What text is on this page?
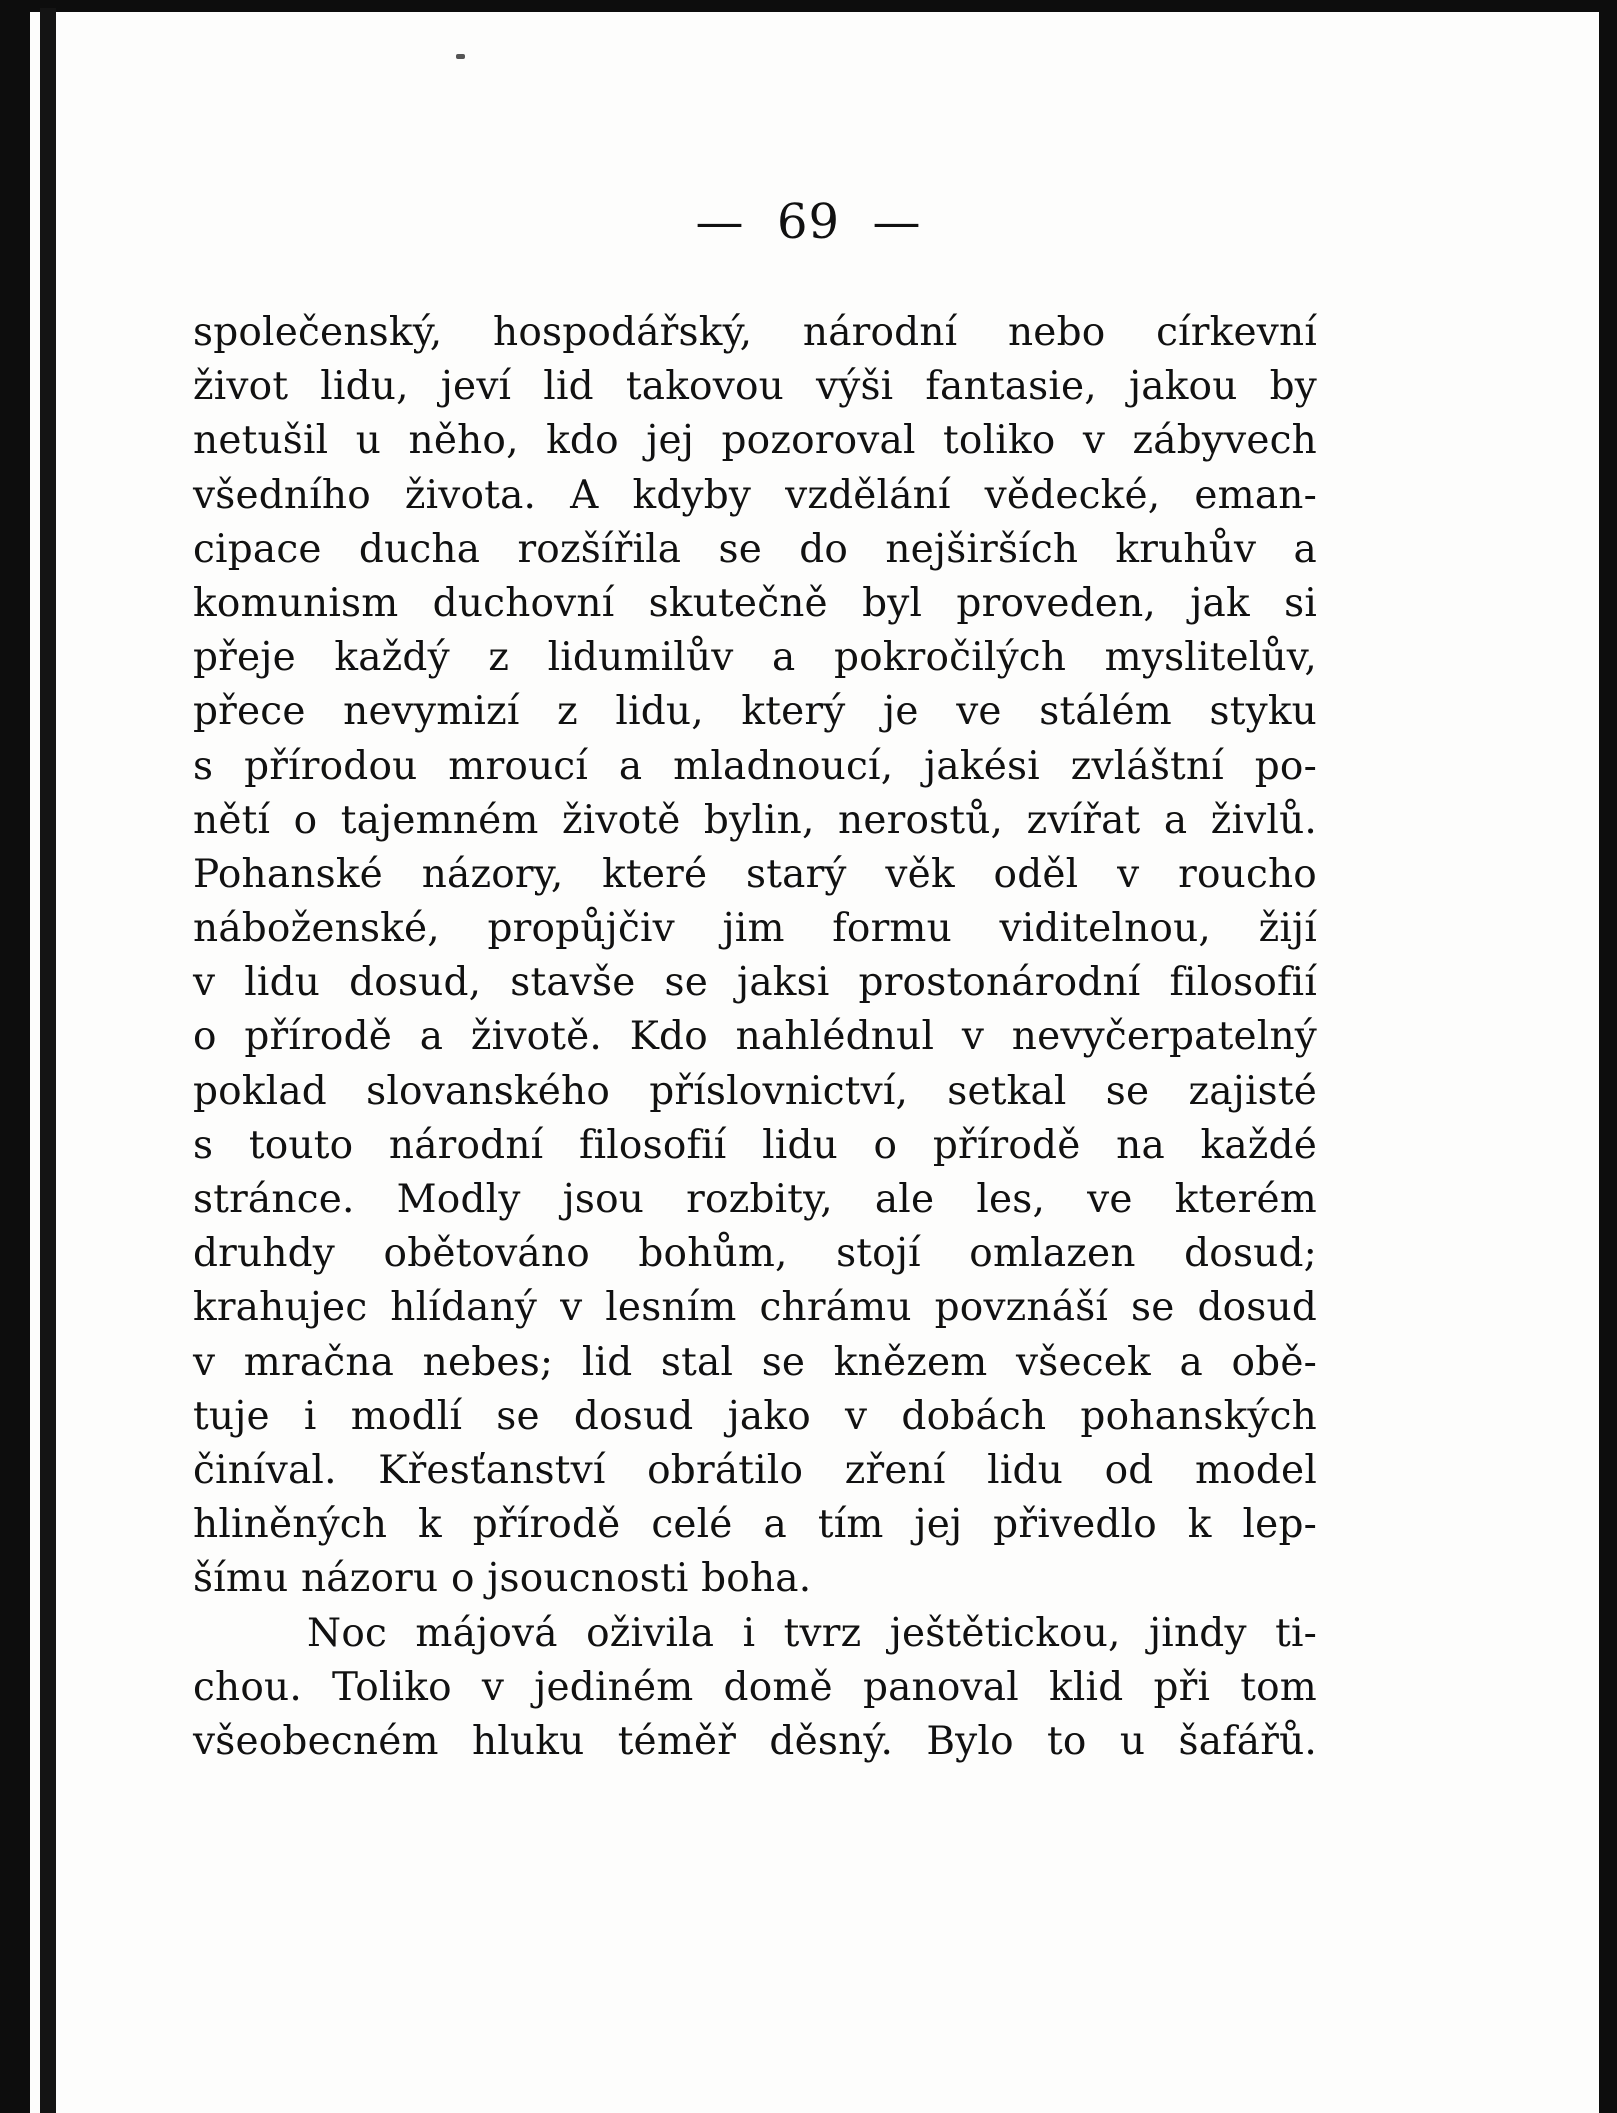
—  69  —
společenský, hospodářský, národní nebo církevní
život lidu, jeví lid takovou výši fantasie, jakou by
netušil u něho, kdo jej pozoroval toliko v zábyvech
všedního života. A kdyby vzdělání vědecké, eman-
cipace ducha rozšířila se do nejširších kruhův a
komunism duchovní skutečně byl proveden, jak si
přeje každý z lidumilův a pokročilých myslitelův,
přece nevymizí z lidu, který je ve stálém styku
s přírodou mroucí a mladnoucí, jakési zvláštní po-
nětí o tajemném životě bylin, nerostů, zvířat a živlů.
Pohanské názory, které starý věk oděl v roucho
náboženské, propůjčiv jim formu viditelnou, žijí
v lidu dosud, stavše se jaksi prostonárodní filosofií
o přírodě a životě. Kdo nahlédnul v nevyčerpatelný
poklad slovanského příslovnictví, setkal se zajisté
s touto národní filosofií lidu o přírodě na každé
stránce. Modly jsou rozbity, ale les, ve kterém
druhdy obětováno bohům, stojí omlazen dosud;
krahujec hlídaný v lesním chrámu povznáší se dosud
v mračna nebes; lid stal se knězem všecek a obě-
tuje i modlí se dosud jako v dobách pohanských
činíval. Křesťanství obrátilo zření lidu od model
hliněných k přírodě celé a tím jej přivedlo k lep-
šímu názoru o jsoucnosti boha.
Noc májová oživila i tvrz ještětickou, jindy ti-
chou. Toliko v jediném domě panoval klid při tom
všeobecném hluku téměř děsný. Bylo to u šafářů.
